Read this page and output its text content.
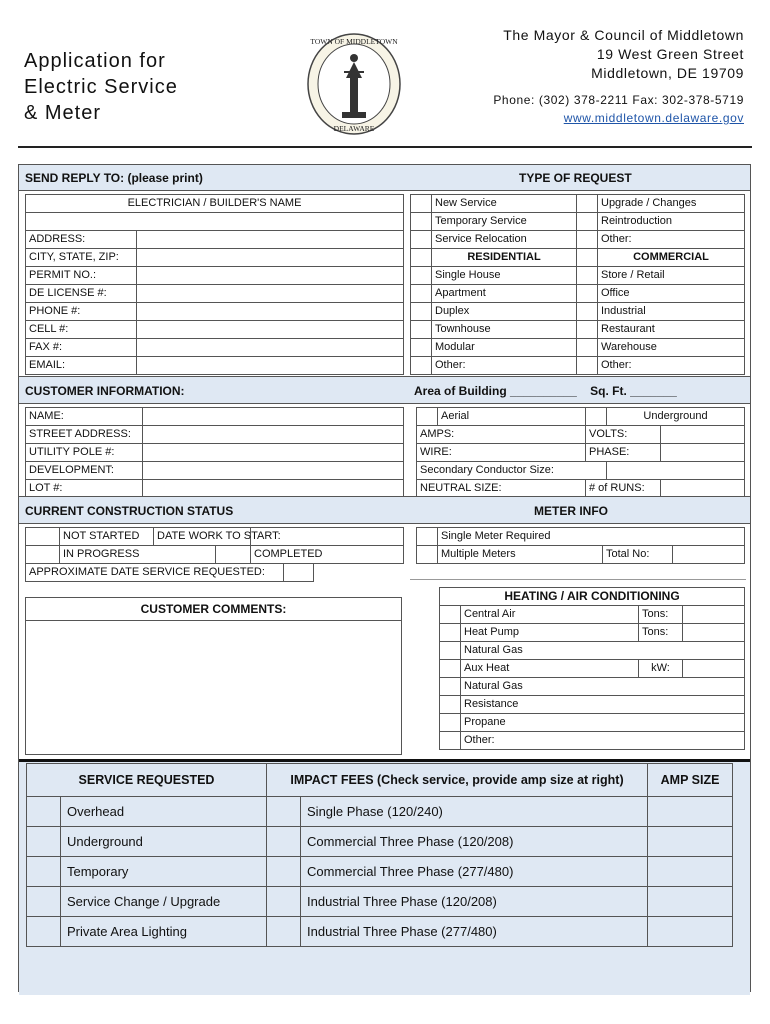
Application for
Electric Service
& Meter
TOWN OF MIDDLETOWN
DELAWARE
The Mayor & Council of Middletown
19 West Green Street
Middletown, DE 19709
Phone: (302) 378-2211 Fax: 302-378-5719
www.middletown.delaware.gov
SEND REPLY TO: (please print)	TYPE OF REQUEST
ELECTRICIAN / BUILDER'S NAME	

ADDRESS:	
CITY, STATE, ZIP:	
PERMIT NO.:	
DE LICENSE #:	
PHONE #:	
CELL #:	
FAX #:	
EMAIL:	
	New Service		Upgrade / Changes
	Temporary Service		Reintroduction
	Service Relocation		Other:
	RESIDENTIAL		COMMERCIAL
	Single House		Store / Retail
	Apartment		Office
	Duplex		Industrial
	Townhouse		Restaurant
	Modular		Warehouse
	Other:		Other:
CUSTOMER INFORMATION:	Area of Building __________ Sq. Ft. _______
NAME:	
STREET ADDRESS:	
UTILITY POLE #:	
DEVELOPMENT:	
LOT #:	
	Aerial		Underground	
AMPS:		VOLTS:		
WIRE:		PHASE:		
Secondary Conductor Size:				
NEUTRAL SIZE:		# of RUNS:		
CURRENT CONSTRUCTION STATUS	METER INFO
	NOT STARTED	DATE WORK TO START:		
	IN PROGRESS			COMPLETED
APPROXIMATE DATE SERVICE REQUESTED:		
CUSTOMER COMMENTS:
	Single Meter Required		
	Multiple Meters	Total No:	
HEATING / AIR CONDITIONING			
	Central Air	Tons:	
	Heat Pump	Tons:	
	Natural Gas		
	Aux Heat	kW:	
	Natural Gas		
	Resistance		
	Propane		
	Other:		
SERVICE REQUESTED		IMPACT FEES (Check service, provide amp size at right)		AMP SIZE
	Overhead		Single Phase (120/240)	
	Underground		Commercial Three Phase (120/208)	
	Temporary		Commercial Three Phase (277/480)	
	Service Change / Upgrade		Industrial Three Phase (120/208)	
	Private Area Lighting		Industrial Three Phase (277/480)	
